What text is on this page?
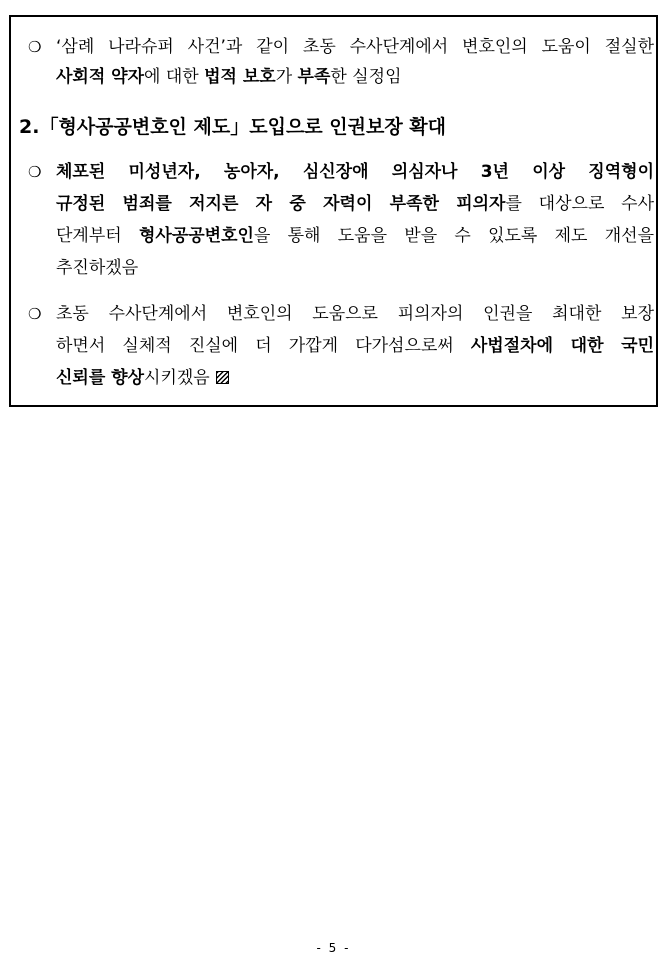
❍ ‘삼례 나라슈퍼 사건’과 같이 초동 수사단계에서 변호인의 도움이 절실한
사회적 약자에 대한 법적 보호가 부족한 실정임
2.「형사공공변호인 제도」도입으로 인권보장 확대
❍ 체포된 미성년자, 농아자, 심신장애 의심자나 3년 이상 징역형이
규정된 범죄를 저지른 자 중 자력이 부족한 피의자를 대상으로 수사
단계부터 형사공공변호인을 통해 도움을 받을 수 있도록 제도 개선을
추진하겠음
❍ 초동 수사단계에서 변호인의 도움으로 피의자의 인권을 최대한 보장
하면서 실체적 진실에 더 가깝게 다가섬으로써 사법절차에 대한 국민
신뢰를 향상시키겠음
- 5 -
